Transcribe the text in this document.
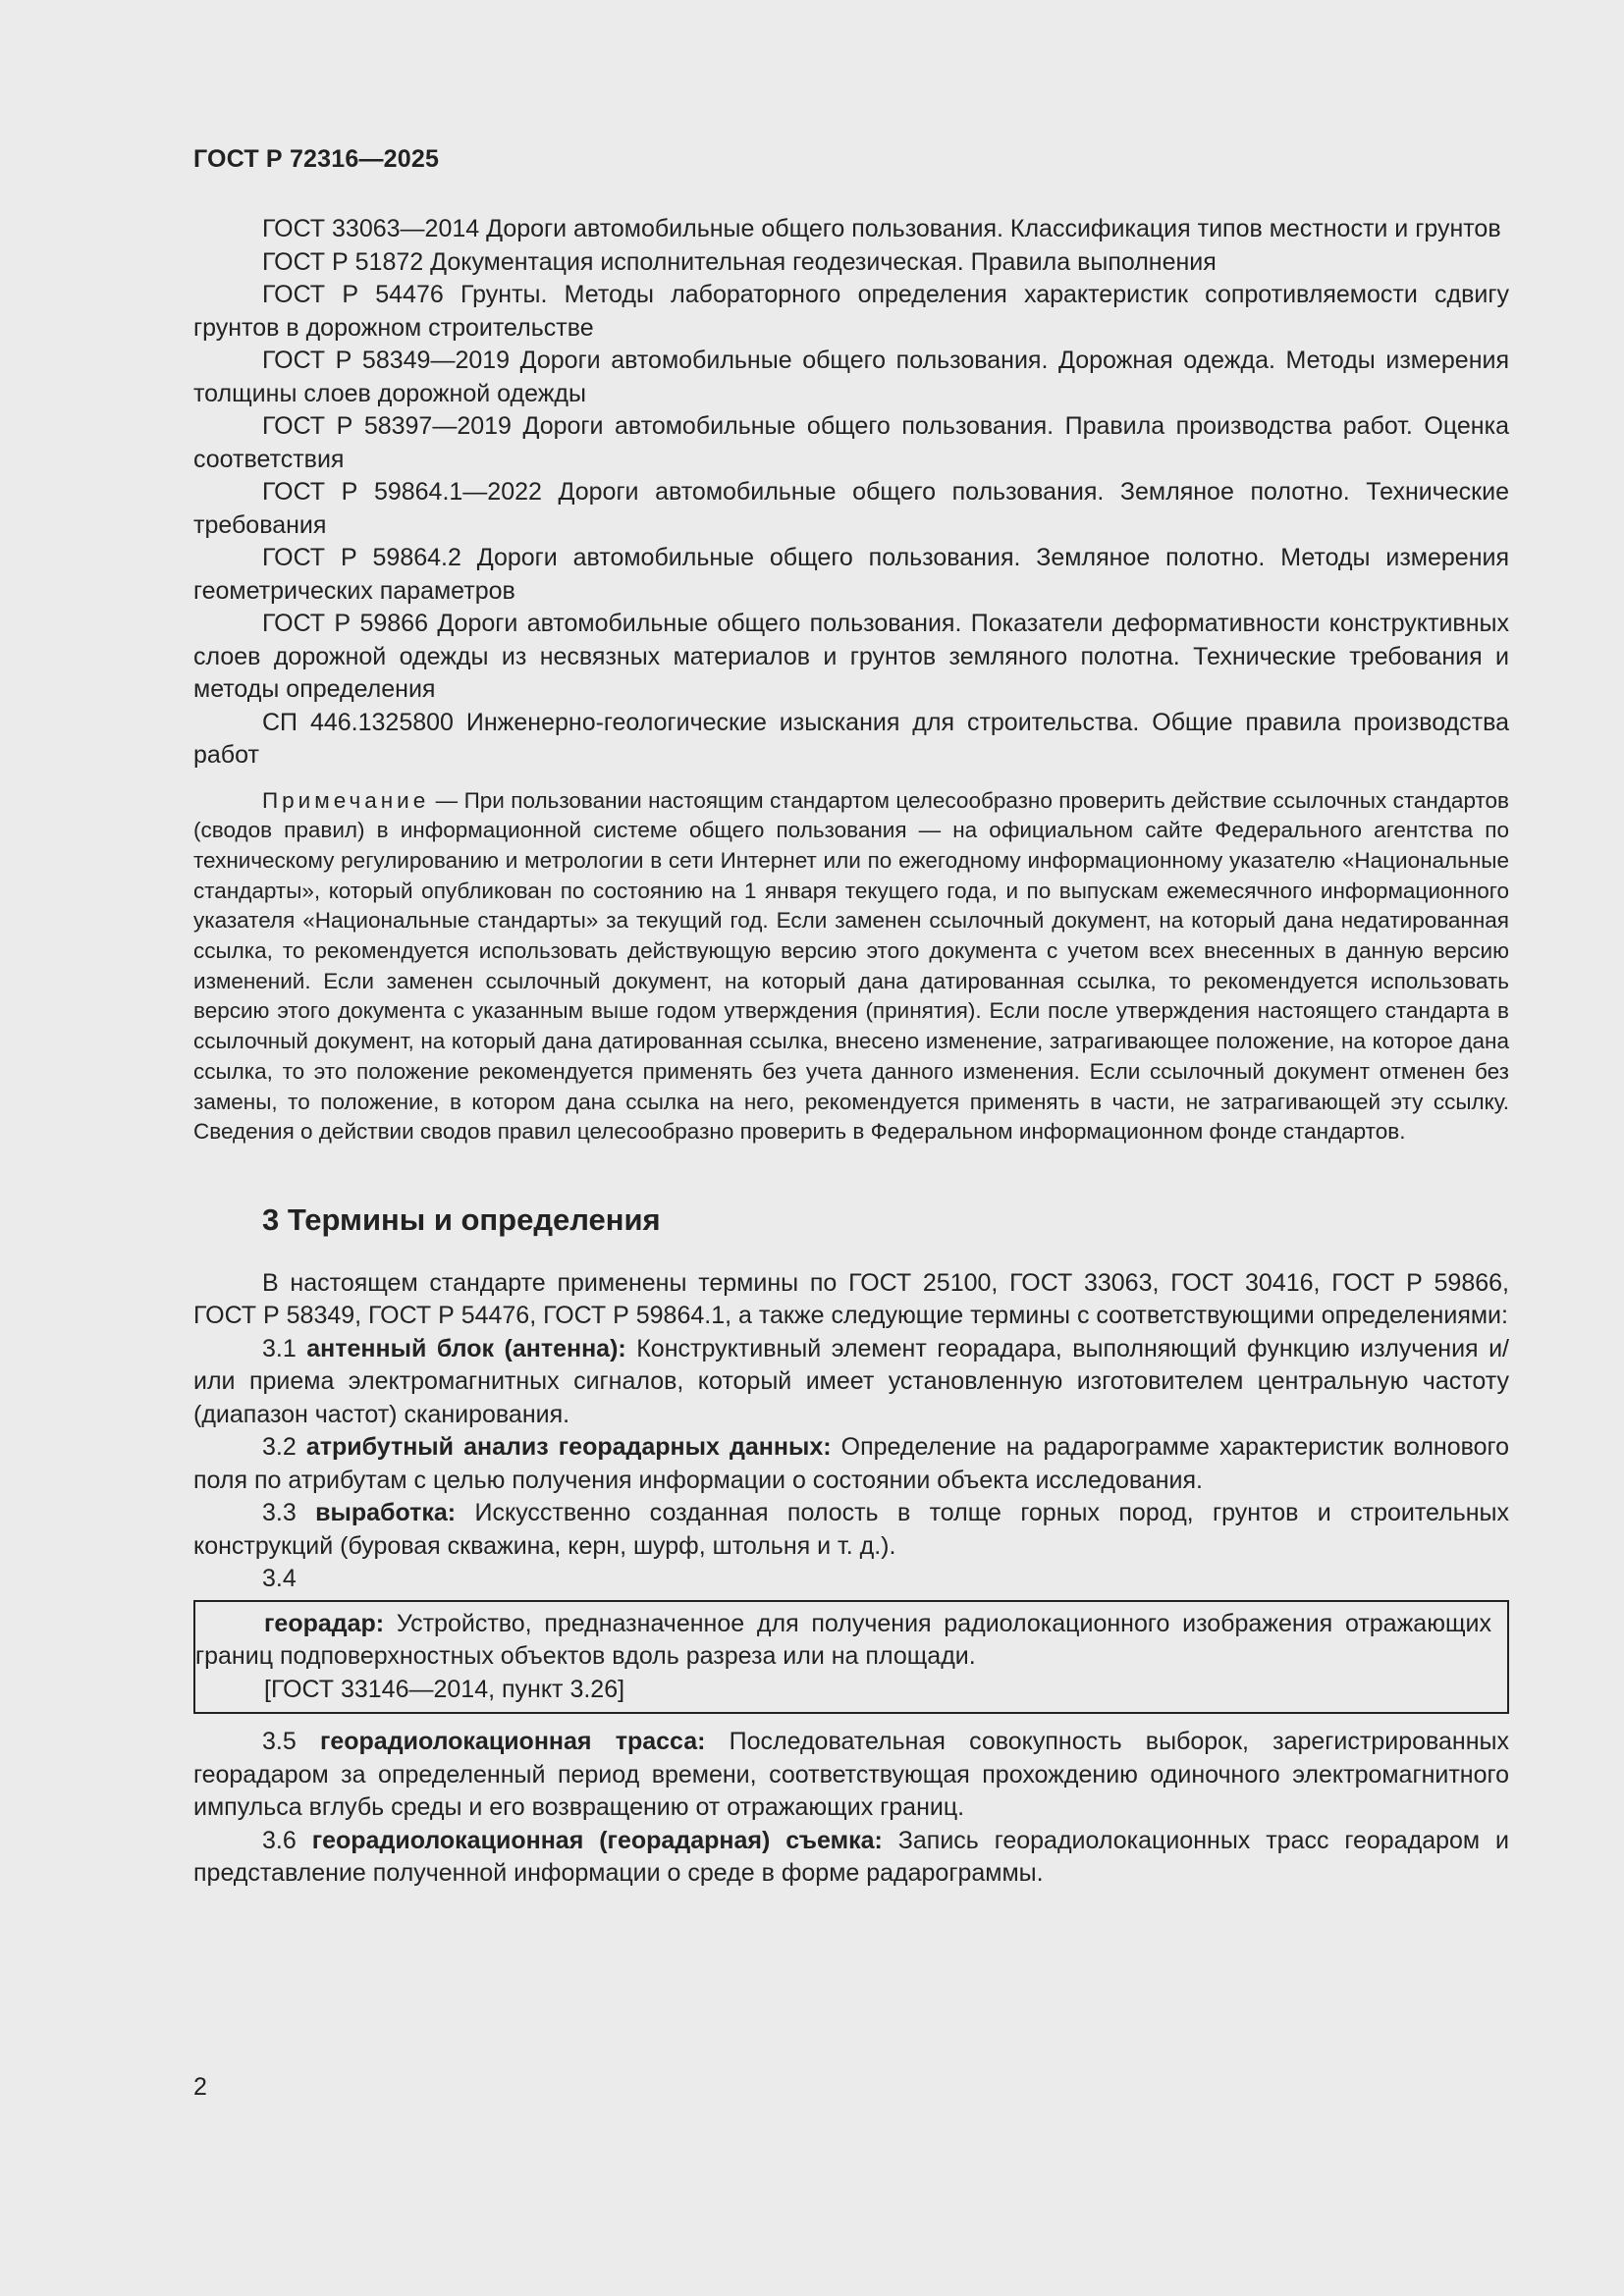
ГОСТ Р 72316—2025

ГОСТ 33063—2014 Дороги автомобильные общего пользования. Классификация типов местности и грунтов

ГОСТ Р 51872 Документация исполнительная геодезическая. Правила выполнения

ГОСТ Р 54476 Грунты. Методы лабораторного определения характеристик сопротивляемости сдвигу грунтов в дорожном строительстве

ГОСТ Р 58349—2019 Дороги автомобильные общего пользования. Дорожная одежда. Методы измерения толщины слоев дорожной одежды

ГОСТ Р 58397—2019 Дороги автомобильные общего пользования. Правила производства работ. Оценка соответствия

ГОСТ Р 59864.1—2022 Дороги автомобильные общего пользования. Земляное полотно. Технические требования

ГОСТ Р 59864.2 Дороги автомобильные общего пользования. Земляное полотно. Методы измерения геометрических параметров

ГОСТ Р 59866 Дороги автомобильные общего пользования. Показатели деформативности конструктивных слоев дорожной одежды из несвязных материалов и грунтов земляного полотна. Технические требования и методы определения

СП 446.1325800 Инженерно-геологические изыскания для строительства. Общие правила производства работ

Примечание — При пользовании настоящим стандартом целесообразно проверить действие ссылочных стандартов (сводов правил) в информационной системе общего пользования — на официальном сайте Федерального агентства по техническому регулированию и метрологии в сети Интернет или по ежегодному информационному указателю «Национальные стандарты», который опубликован по состоянию на 1 января текущего года, и по выпускам ежемесячного информационного указателя «Национальные стандарты» за текущий год. Если заменен ссылочный документ, на который дана недатированная ссылка, то рекомендуется использовать действующую версию этого документа с учетом всех внесенных в данную версию изменений. Если заменен ссылочный документ, на который дана датированная ссылка, то рекомендуется использовать версию этого документа с указанным выше годом утверждения (принятия). Если после утверждения настоящего стандарта в ссылочный документ, на который дана датированная ссылка, внесено изменение, затрагивающее положение, на которое дана ссылка, то это положение рекомендуется применять без учета данного изменения. Если ссылочный документ отменен без замены, то положение, в котором дана ссылка на него, рекомендуется применять в части, не затрагивающей эту ссылку. Сведения о действии сводов правил целесообразно проверить в Федеральном информационном фонде стандартов.

3 Термины и определения

В настоящем стандарте применены термины по ГОСТ 25100, ГОСТ 33063, ГОСТ 30416, ГОСТ Р 59866, ГОСТ Р 58349, ГОСТ Р 54476, ГОСТ Р 59864.1, а также следующие термины с соответствующими определениями:

3.1 антенный блок (антенна): Конструктивный элемент георадара, выполняющий функцию излучения и/или приема электромагнитных сигналов, который имеет установленную изготовителем центральную частоту (диапазон частот) сканирования.

3.2 атрибутный анализ георадарных данных: Определение на радарограмме характеристик волнового поля по атрибутам с целью получения информации о состоянии объекта исследования.

3.3 выработка: Искусственно созданная полость в толще горных пород, грунтов и строительных конструкций (буровая скважина, керн, шурф, штольня и т. д.).

3.4

георадар: Устройство, предназначенное для получения радиолокационного изображения отражающих границ подповерхностных объектов вдоль разреза или на площади.

[ГОСТ 33146—2014, пункт 3.26]

3.5 георадиолокационная трасса: Последовательная совокупность выборок, зарегистрированных георадаром за определенный период времени, соответствующая прохождению одиночного электромагнитного импульса вглубь среды и его возвращению от отражающих границ.

3.6 георадиолокационная (георадарная) съемка: Запись георадиолокационных трасс георадаром и представление полученной информации о среде в форме радарограммы.

2
